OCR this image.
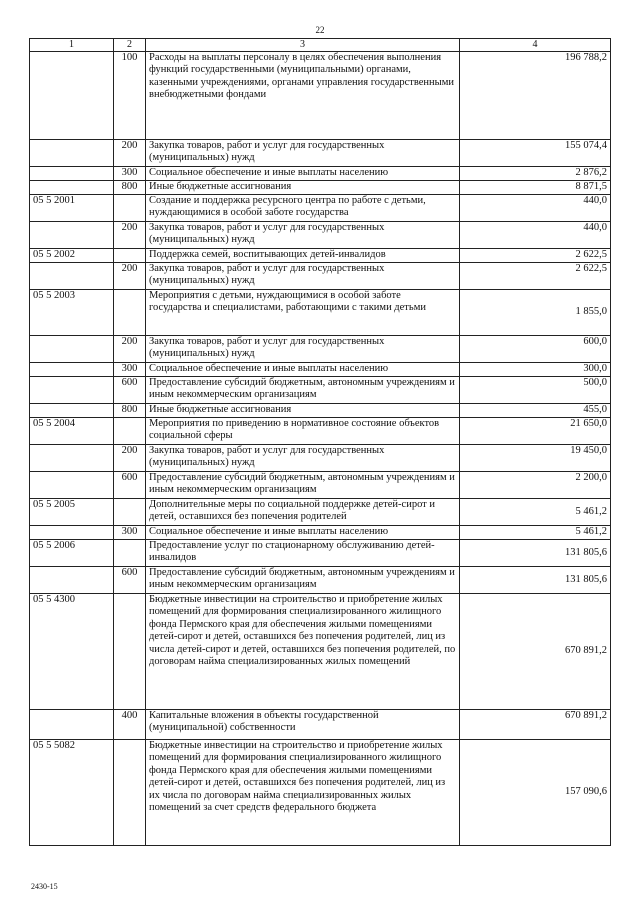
22
1	2	3	4
	100	Расходы на выплаты персоналу в целях обеспечения выполнения функций государственными (муниципальными) органами, казенными учреждениями, органами управления государственными внебюджетными фондами	196 788,2
	200	Закупка товаров, работ и услуг для государственных (муниципальных) нужд	155 074,4
	300	Социальное обеспечение и иные выплаты населению	2 876,2
	800	Иные бюджетные ассигнования	8 871,5
05 5 2001		Создание и поддержка ресурсного центра по работе с детьми, нуждающимися в особой заботе государства	440,0
	200	Закупка товаров, работ и услуг для государственных (муниципальных) нужд	440,0
05 5 2002		Поддержка семей, воспитывающих детей-инвалидов	2 622,5
	200	Закупка товаров, работ и услуг для государственных (муниципальных) нужд	2 622,5
05 5 2003		Мероприятия с детьми, нуждающимися в особой заботе государства и специалистами, работающими с такими детьми	1 855,0
	200	Закупка товаров, работ и услуг для государственных (муниципальных) нужд	600,0
	300	Социальное обеспечение и иные выплаты населению	300,0
	600	Предоставление субсидий бюджетным, автономным учреждениям и иным некоммерческим организациям	500,0
	800	Иные бюджетные ассигнования	455,0
05 5 2004		Мероприятия по приведению в нормативное состояние объектов социальной сферы	21 650,0
	200	Закупка товаров, работ и услуг для государственных (муниципальных) нужд	19 450,0
	600	Предоставление субсидий бюджетным, автономным учреждениям и иным некоммерческим организациям	2 200,0
05 5 2005		Дополнительные меры по социальной поддержке детей-сирот и детей, оставшихся без попечения родителей	5 461,2
	300	Социальное обеспечение и иные выплаты населению	5 461,2
05 5 2006		Предоставление услуг по стационарному обслуживанию детей-инвалидов	131 805,6
	600	Предоставление субсидий бюджетным, автономным учреждениям и иным некоммерческим организациям	131 805,6
05 5 4300		Бюджетные инвестиции на строительство и приобретение жилых помещений для формирования специализированного жилищного фонда Пермского края для обеспечения жилыми помещениями детей-сирот и детей, оставшихся без попечения родителей, лиц из числа детей-сирот и детей, оставшихся без попечения родителей, по договорам найма специализированных жилых помещений	670 891,2
	400	Капитальные вложения в объекты государственной (муниципальной) собственности	670 891,2
05 5 5082		Бюджетные инвестиции на строительство и приобретение жилых помещений для формирования специализированного жилищного фонда Пермского края для обеспечения жилыми помещениями детей-сирот и детей, оставшихся без попечения родителей, лиц из их числа по договорам найма специализированных жилых помещений за счет средств федерального бюджета	157 090,6
2430-15
